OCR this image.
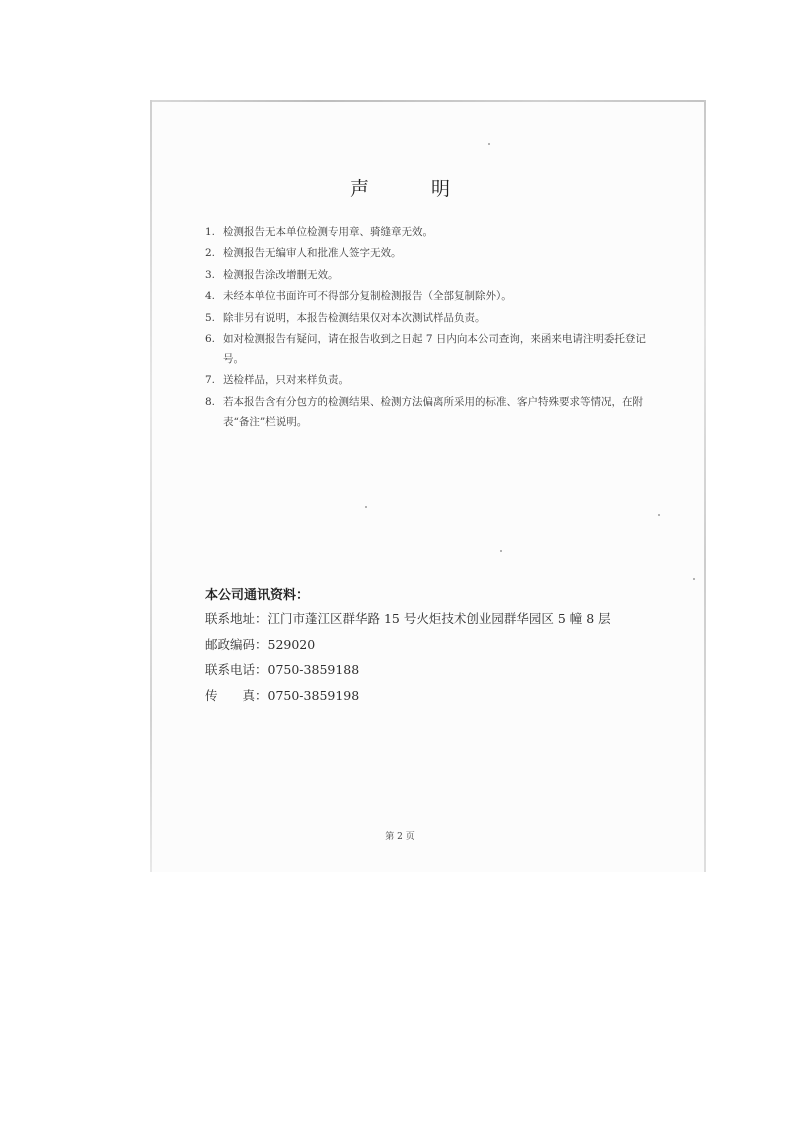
声 明
1. 检测报告无本单位检测专用章、骑缝章无效。
2. 检测报告无编审人和批准人签字无效。
3. 检测报告涂改增删无效。
4. 未经本单位书面许可不得部分复制检测报告（全部复制除外）。
5. 除非另有说明，本报告检测结果仅对本次测试样品负责。
6. 如对检测报告有疑问，请在报告收到之日起 7 日内向本公司查询，来函来电请注明委托登记号。
7. 送检样品，只对来样负责。
8. 若本报告含有分包方的检测结果、检测方法偏离所采用的标准、客户特殊要求等情况，在附表“备注”栏说明。
本公司通讯资料：
联系地址：江门市蓬江区群华路 15 号火炬技术创业园群华园区 5 幢 8 层
邮政编码：529020
联系电话：0750-3859188
传　　真：0750-3859198
第 2 页
